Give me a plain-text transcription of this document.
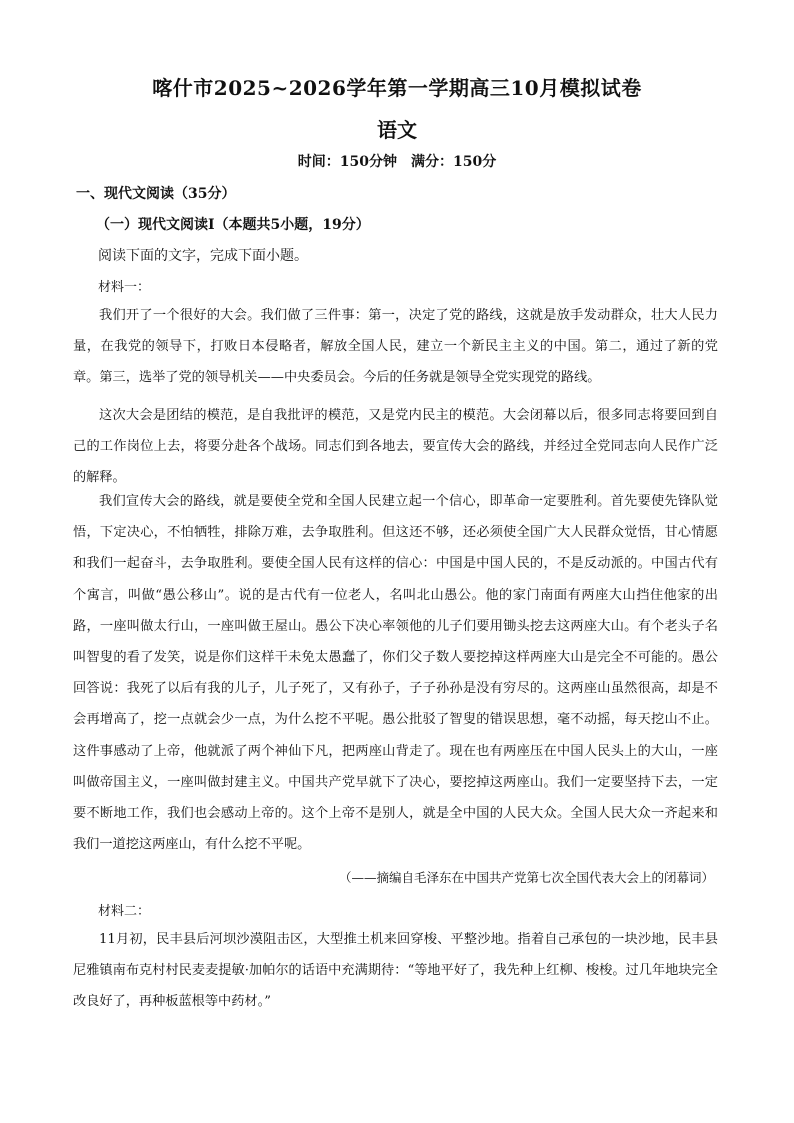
喀什市2025~2026学年第一学期高三10月模拟试卷
语文
时间：150分钟 满分：150分
一、现代文阅读（35分）
（一）现代文阅读Ⅰ（本题共5小题，19分）
阅读下面的文字，完成下面小题。
材料一：

我们开了一个很好的大会。我们做了三件事：第一，决定了党的路线，这就是放手发动群众，壮大人民力量，在我党的领导下，打败日本侵略者，解放全国人民，建立一个新民主主义的中国。第二，通过了新的党章。第三，选举了党的领导机关——中央委员会。今后的任务就是领导全党实现党的路线。

这次大会是团结的模范，是自我批评的模范，又是党内民主的模范。大会闭幕以后，很多同志将要回到自己的工作岗位上去，将要分赴各个战场。同志们到各地去，要宣传大会的路线，并经过全党同志向人民作广泛的解释。

我们宣传大会的路线，就是要使全党和全国人民建立起一个信心，即革命一定要胜利。首先要使先锋队觉悟，下定决心，不怕牺牲，排除万难，去争取胜利。但这还不够，还必须使全国广大人民群众觉悟，甘心情愿和我们一起奋斗，去争取胜利。要使全国人民有这样的信心：中国是中国人民的，不是反动派的。中国古代有个寓言，叫做“愚公移山”。说的是古代有一位老人，名叫北山愚公。他的家门南面有两座大山挡住他家的出路，一座叫做太行山，一座叫做王屋山。愚公下决心率领他的儿子们要用锄头挖去这两座大山。有个老头子名叫智叟的看了发笑，说是你们这样干未免太愚蠢了，你们父子数人要挖掉这样两座大山是完全不可能的。愚公回答说：我死了以后有我的儿子，儿子死了，又有孙子，子子孙孙是没有穷尽的。这两座山虽然很高，却是不会再增高了，挖一点就会少一点，为什么挖不平呢。愚公批驳了智叟的错误思想，毫不动摇，每天挖山不止。这件事感动了上帝，他就派了两个神仙下凡，把两座山背走了。现在也有两座压在中国人民头上的大山，一座叫做帝国主义，一座叫做封建主义。中国共产党早就下了决心，要挖掉这两座山。我们一定要坚持下去，一定要不断地工作，我们也会感动上帝的。这个上帝不是别人，就是全中国的人民大众。全国人民大众一齐起来和我们一道挖这两座山，有什么挖不平呢。

（——摘编自毛泽东在中国共产党第七次全国代表大会上的闭幕词）
材料二：

11月初，民丰县后河坝沙漠阻击区，大型推土机来回穿梭、平整沙地。指着自己承包的一块沙地，民丰县尼雅镇南布克村村民麦麦提敏·加帕尔的话语中充满期待：“等地平好了，我先种上红柳、梭梭。过几年地块完全改良好了，再种板蓝根等中药材。”
